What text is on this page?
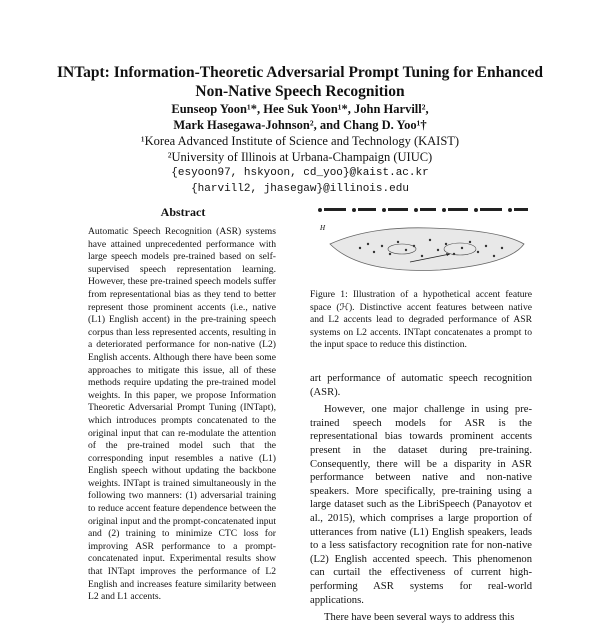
INTapt: Information-Theoretic Adversarial Prompt Tuning for Enhanced Non-Native Speech Recognition
Eunseop Yoon¹*, Hee Suk Yoon¹*, John Harvill²,
Mark Hasegawa-Johnson², and Chang D. Yoo¹†
¹Korea Advanced Institute of Science and Technology (KAIST)
²University of Illinois at Urbana-Champaign (UIUC)
{esyoon97, hskyoon, cd_yoo}@kaist.ac.kr
{harvill2, jhasegaw}@illinois.edu
Abstract
Automatic Speech Recognition (ASR) systems have attained unprecedented performance with large speech models pre-trained based on self-supervised speech representation learning. However, these pre-trained speech models suffer from representational bias as they tend to better represent those prominent accents (i.e., native (L1) English accent) in the pre-training speech corpus than less represented accents, resulting in a deteriorated performance for non-native (L2) English accents. Although there have been some approaches to mitigate this issue, all of these methods require updating the pre-trained model weights. In this paper, we propose Information Theoretic Adversarial Prompt Tuning (INTapt), which introduces prompts concatenated to the original input that can re-modulate the attention of the pre-trained model such that the corresponding input resembles a native (L1) English speech without updating the backbone weights. INTapt is trained simultaneously in the following two manners: (1) adversarial training to reduce accent feature dependence between the original input and the prompt-concatenated input and (2) training to minimize CTC loss for improving ASR performance to a prompt-concatenated input. Experimental results show that INTapt improves the performance of L2 English and increases feature similarity between L2 and L1 accents.
H
Figure 1: Illustration of a hypothetical accent feature space (ℋ). Distinctive accent features between native and L2 accents lead to degraded performance of ASR systems on L2 accents. INTapt concatenates a prompt to the input space to reduce this distinction.

art performance of automatic speech recognition (ASR).

However, one major challenge in using pre-trained speech models for ASR is the representational bias towards prominent accents present in the dataset during pre-training. Consequently, there will be a disparity in ASR performance between native and non-native speakers. More specifically, pre-training using a large dataset such as the LibriSpeech (Panayotov et al., 2015), which comprises a large proportion of utterances from native (L1) English speakers, leads to a less satisfactory recognition rate for non-native (L2) English accented speech. This phenomenon can curtail the effectiveness of current high-performing ASR systems for real-world applications.

There have been several ways to address this
